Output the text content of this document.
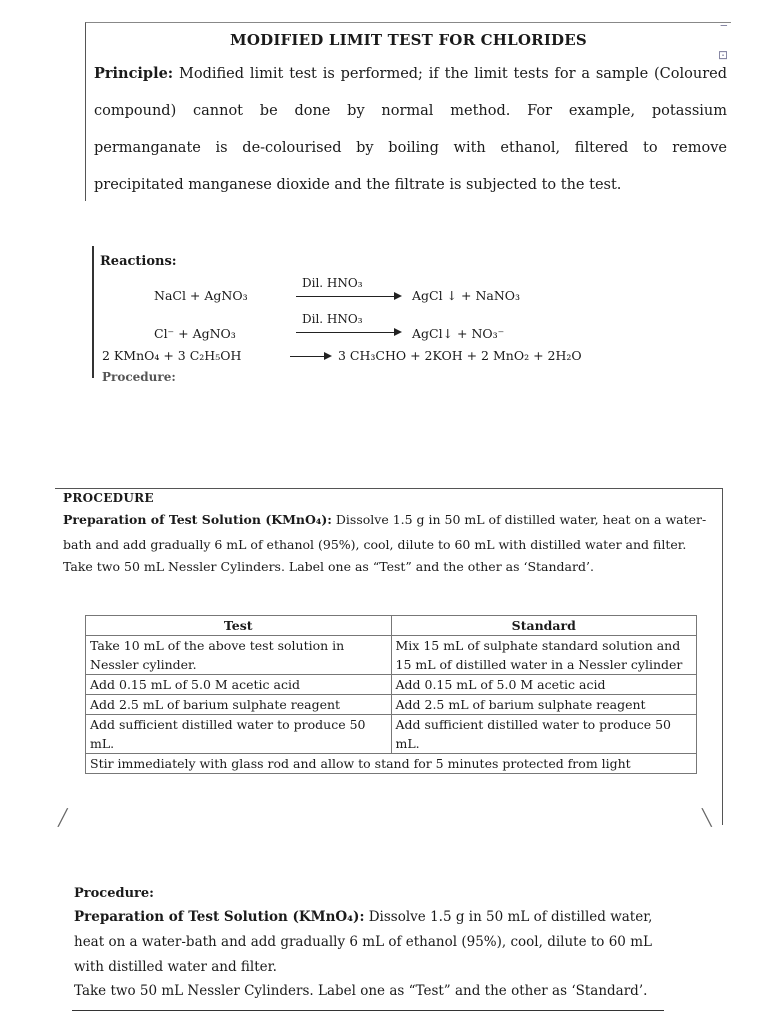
MODIFIED LIMIT TEST FOR CHLORIDES
Principle: Modified limit test is performed; if the limit tests for a sample (Coloured compound) cannot be done by normal method. For example, potassium permanganate is de-colourised by boiling with ethanol, filtered to remove precipitated manganese dioxide and the filtrate is subjected to the test.
‒
⊡
Reactions:
NaCl + AgNO₃
Dil. HNO₃
AgCl ↓ + NaNO₃
Cl⁻ + AgNO₃
Dil. HNO₃
AgCl↓ + NO₃⁻
2 KMnO₄ + 3 C₂H₅OH	3 CH₃CHO + 2KOH + 2 MnO₂ + 2H₂O
Procedure:
PROCEDURE
Preparation of Test Solution (KMnO₄): Dissolve 1.5 g in 50 mL of distilled water, heat on a water-bath and add gradually 6 mL of ethanol (95%), cool, dilute to 60 mL with distilled water and filter.
Take two 50 mL Nessler Cylinders. Label one as “Test” and the other as ‘Standard’.
Test	Standard
Take 10 mL of the above test solution in Nessler cylinder.	Mix 15 mL of sulphate standard solution and 15 mL of distilled water in a Nessler cylinder
Add 0.15 mL of 5.0 M acetic acid	Add 0.15 mL of 5.0 M acetic acid
Add 2.5 mL of barium sulphate reagent	Add 2.5 mL of barium sulphate reagent
Add sufficient distilled water to produce 50 mL.	Add sufficient distilled water to produce 50 mL.
Stir immediately with glass rod and allow to stand for 5 minutes protected from light	
╱	╲
Procedure:
Preparation of Test Solution (KMnO₄): Dissolve 1.5 g in 50 mL of distilled water, heat on a water-bath and add gradually 6 mL of ethanol (95%), cool, dilute to 60 mL with distilled water and filter.
Take two 50 mL Nessler Cylinders. Label one as “Test” and the other as ‘Standard’.
